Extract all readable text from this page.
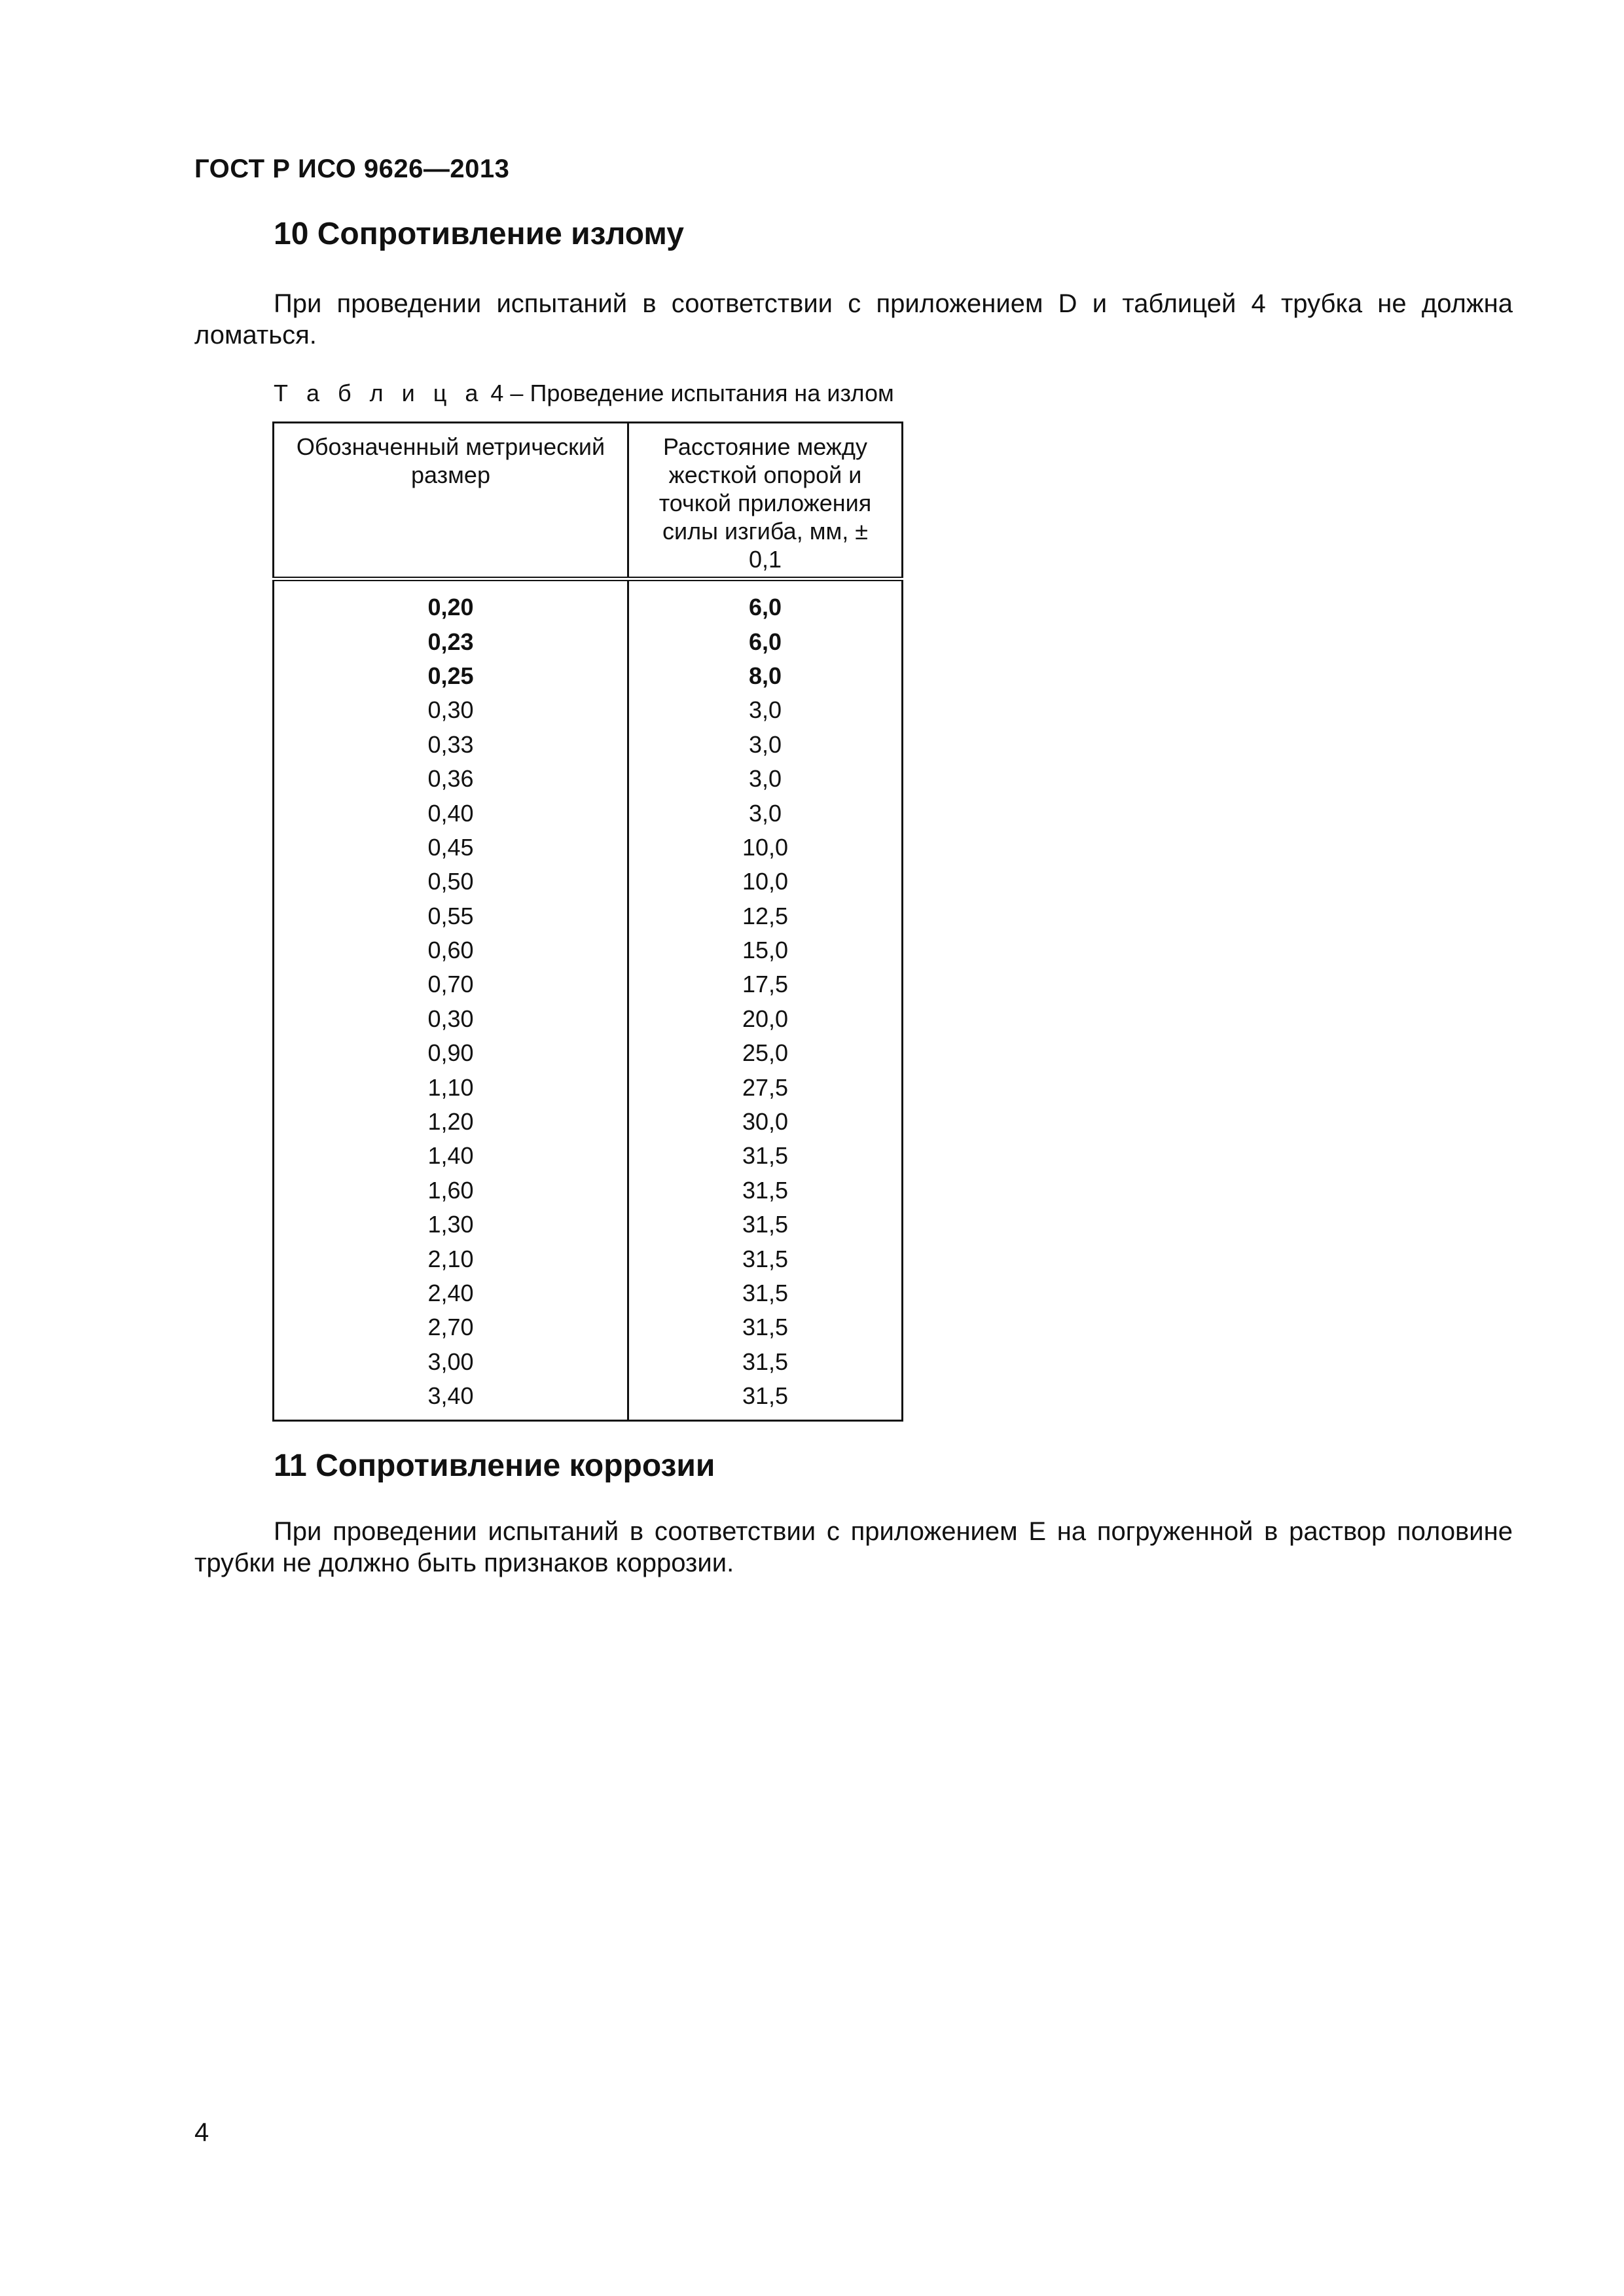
ГОСТ Р ИСО 9626—2013
10 Сопротивление излому

При проведении испытаний в соответствии с приложением D и таблицей 4 трубка не должна ломаться.

Т а б л и ц а 4 – Проведение испытания на излом
Обозначенный метрический размер	Расстояние между жесткой опорой и точкой приложения силы изгиба, мм, ± 0,1

0,20	6,0
0,23	6,0
0,25	8,0
0,30	3,0
0,33	3,0
0,36	3,0
0,40	3,0
0,45	10,0
0,50	10,0
0,55	12,5
0,60	15,0
0,70	17,5
0,30	20,0
0,90	25,0
1,10	27,5
1,20	30,0
1,40	31,5
1,60	31,5
1,30	31,5
2,10	31,5
2,40	31,5
2,70	31,5
3,00	31,5
3,40	31,5
11 Сопротивление коррозии

При проведении испытаний в соответствии с приложением E на погруженной в раствор половине трубки не должно быть признаков коррозии.

4
